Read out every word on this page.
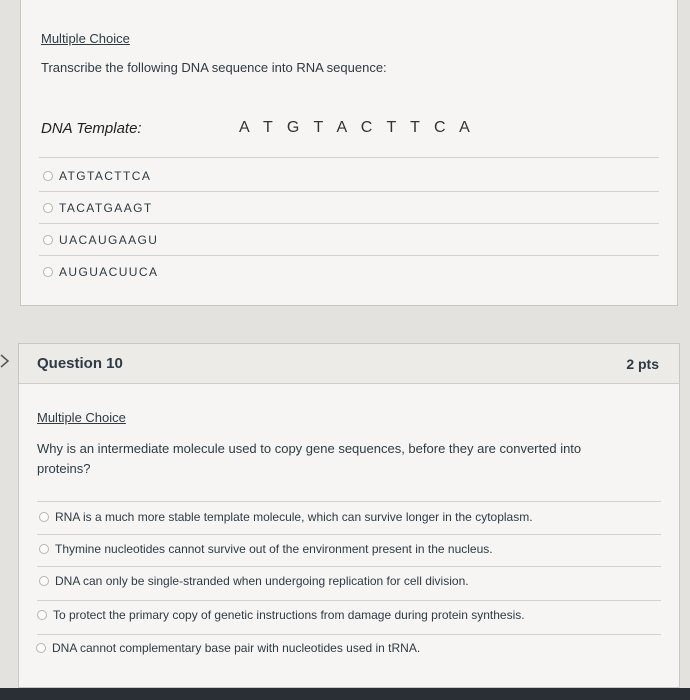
Multiple Choice
Transcribe the following DNA sequence into RNA sequence:
DNA Template:	A T G T A C T T C A
ATGTACTTCA
TACATGAAGT
UACAUGAAGU
AUGUACUUCA
Question 10	2 pts
Multiple Choice
Why is an intermediate molecule used to copy gene sequences, before they are converted into proteins?
RNA is a much more stable template molecule, which can survive longer in the cytoplasm.
Thymine nucleotides cannot survive out of the environment present in the nucleus.
DNA can only be single-stranded when undergoing replication for cell division.
To protect the primary copy of genetic instructions from damage during protein synthesis.
DNA cannot complementary base pair with nucleotides used in tRNA.
